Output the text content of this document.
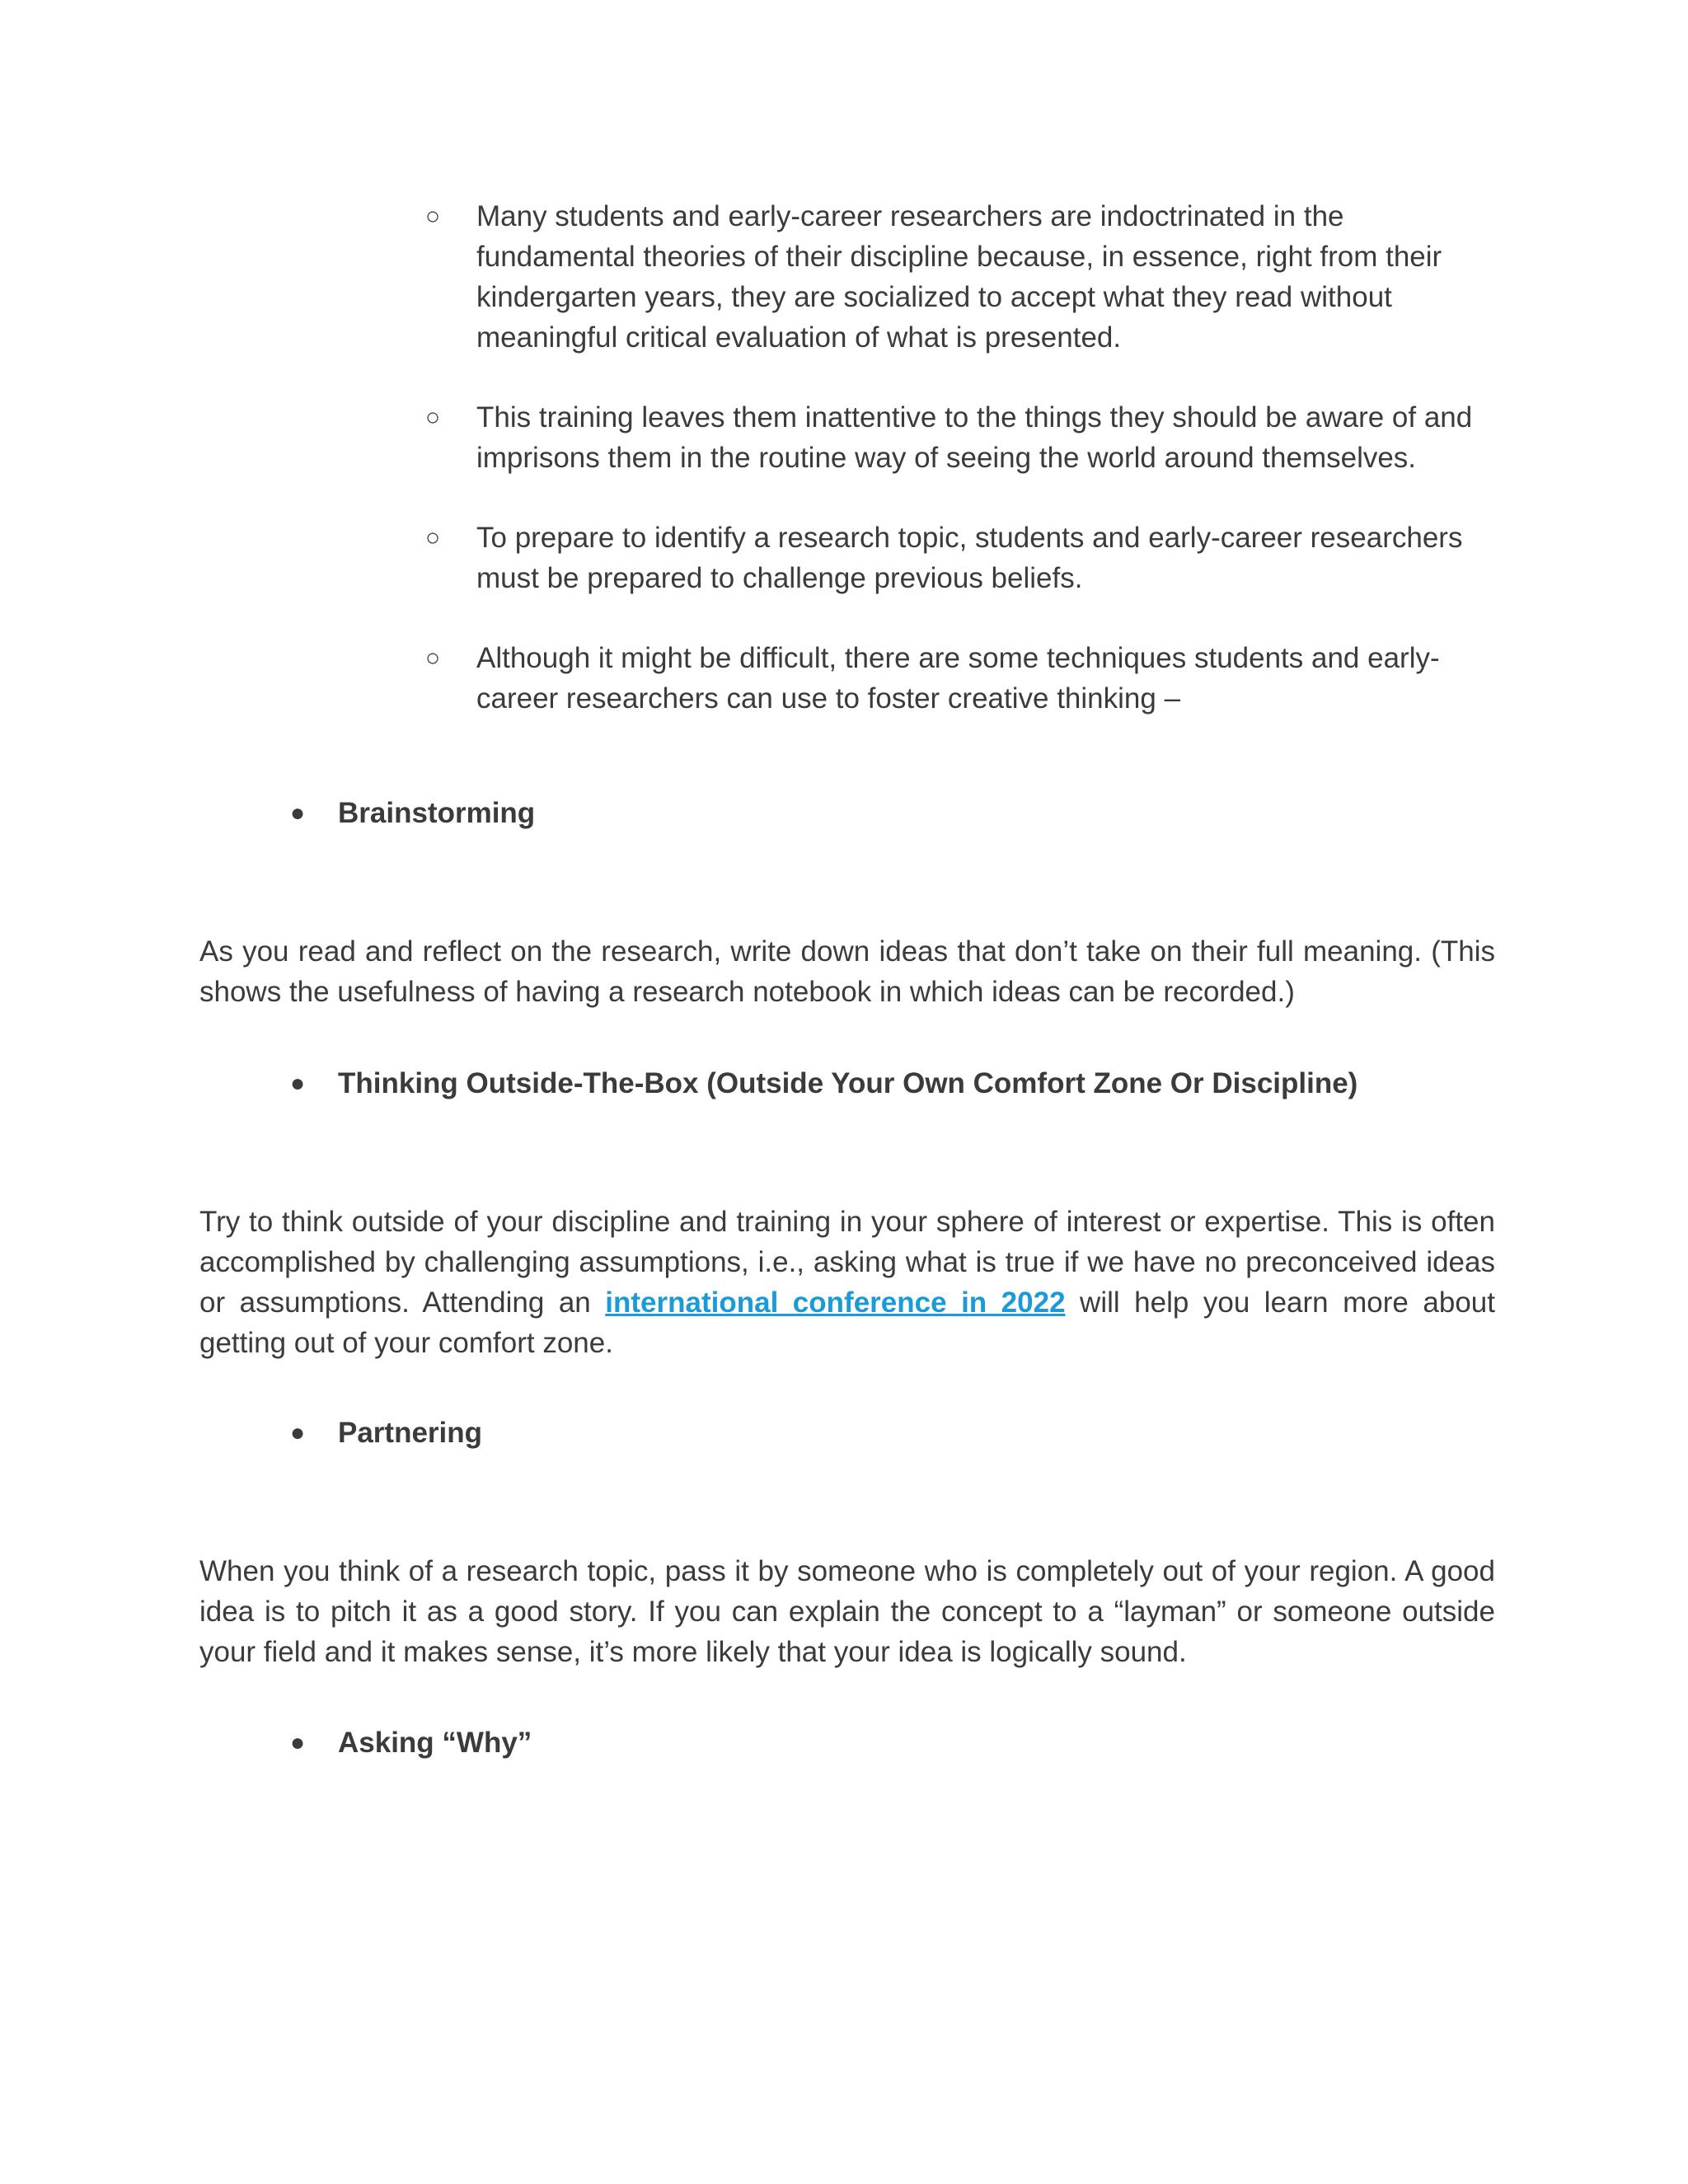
○	Many students and early-career researchers are indoctrinated in the fundamental theories of their discipline because, in essence, right from their kindergarten years, they are socialized to accept what they read without meaningful critical evaluation of what is presented.
○	This training leaves them inattentive to the things they should be aware of and imprisons them in the routine way of seeing the world around themselves.
○	To prepare to identify a research topic, students and early-career researchers must be prepared to challenge previous beliefs.
○	Although it might be difficult, there are some techniques students and early-career researchers can use to foster creative thinking –
● Brainstorming

As you read and reflect on the research, write down ideas that don’t take on their full meaning. (This shows the usefulness of having a research notebook in which ideas can be recorded.)

● Thinking Outside-The-Box (Outside Your Own Comfort Zone Or Discipline)

Try to think outside of your discipline and training in your sphere of interest or expertise. This is often accomplished by challenging assumptions, i.e., asking what is true if we have no preconceived ideas or assumptions. Attending an international conference in 2022 will help you learn more about getting out of your comfort zone.

● Partnering

When you think of a research topic, pass it by someone who is completely out of your region. A good idea is to pitch it as a good story. If you can explain the concept to a “layman” or someone outside your field and it makes sense, it’s more likely that your idea is logically sound.

● Asking “Why”
